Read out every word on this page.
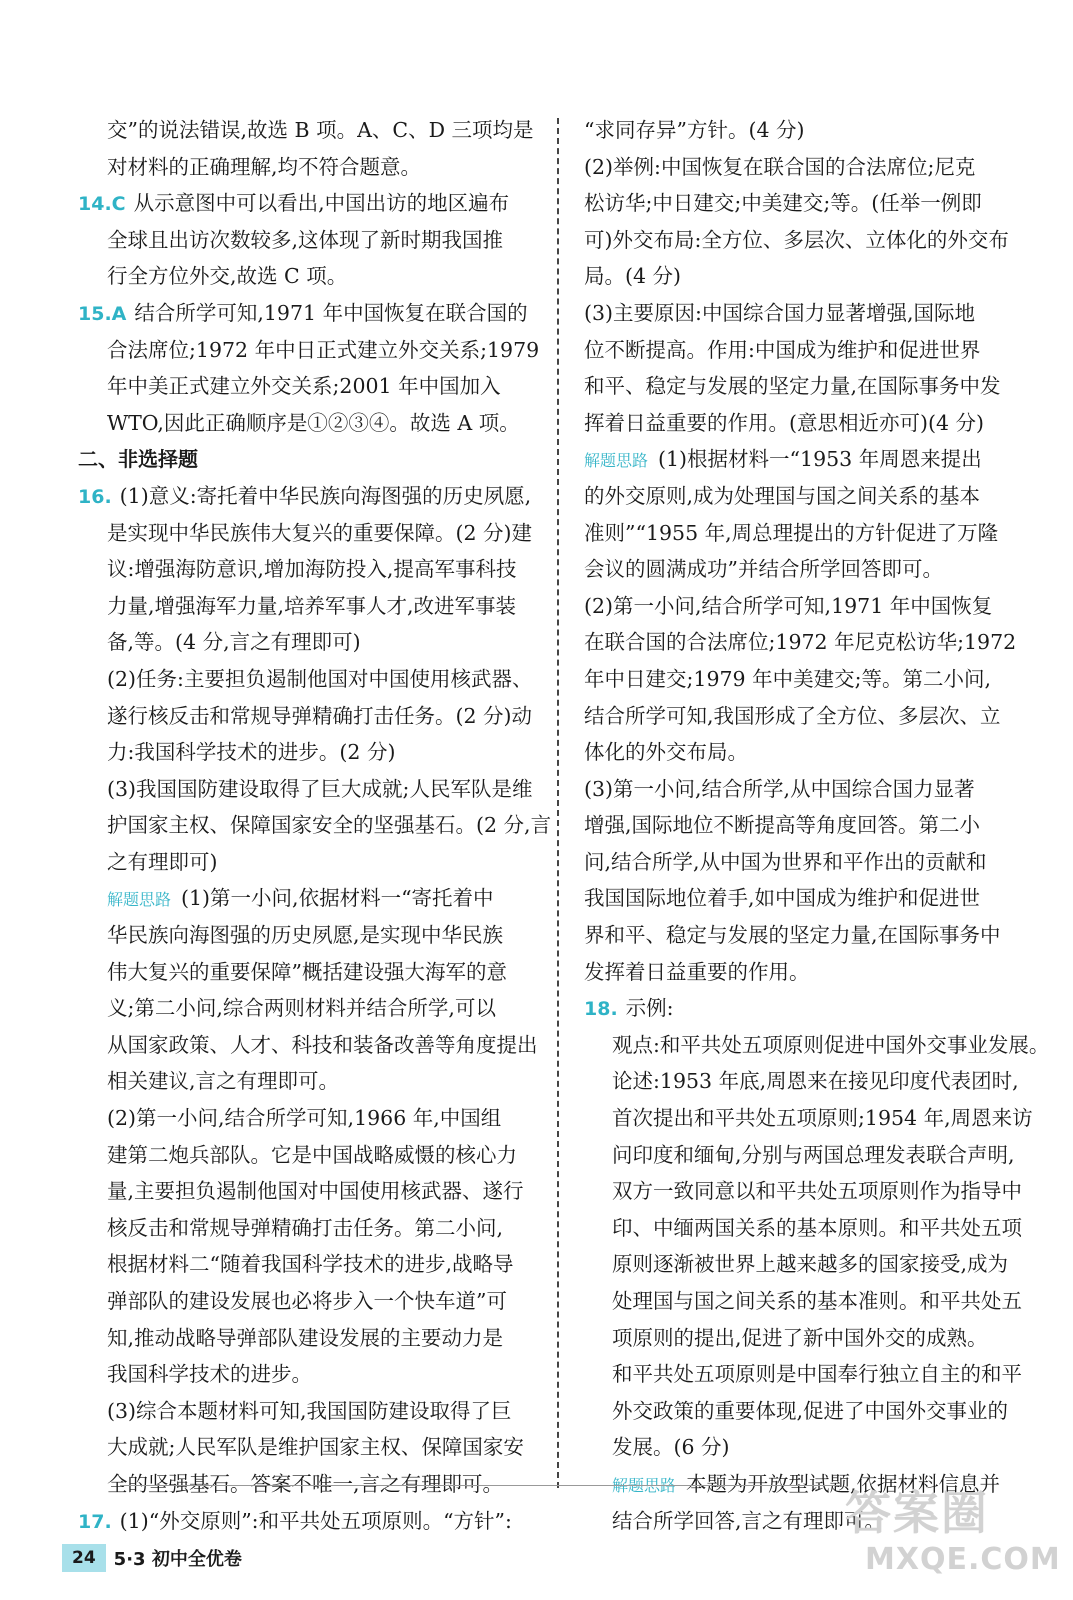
交”的说法错误,故选 B 项。A、C、D 三项均是
对材料的正确理解,均不符合题意。
14.C 从示意图中可以看出,中国出访的地区遍布
全球且出访次数较多,这体现了新时期我国推
行全方位外交,故选 C 项。
15.A 结合所学可知,1971 年中国恢复在联合国的
合法席位;1972 年中日正式建立外交关系;1979
年中美正式建立外交关系;2001 年中国加入
WTO,因此正确顺序是①②③④。故选 A 项。
二、非选择题
16. (1)意义:寄托着中华民族向海图强的历史夙愿,
是实现中华民族伟大复兴的重要保障。(2 分)建
议:增强海防意识,增加海防投入,提高军事科技
力量,增强海军力量,培养军事人才,改进军事装
备,等。(4 分,言之有理即可)
(2)任务:主要担负遏制他国对中国使用核武器、
遂行核反击和常规导弹精确打击任务。(2 分)动
力:我国科学技术的进步。(2 分)
(3)我国国防建设取得了巨大成就;人民军队是维
护国家主权、保障国家安全的坚强基石。(2 分,言
之有理即可)
解题思路 (1)第一小问,依据材料一“寄托着中
华民族向海图强的历史夙愿,是实现中华民族
伟大复兴的重要保障”概括建设强大海军的意
义;第二小问,综合两则材料并结合所学,可以
从国家政策、人才、科技和装备改善等角度提出
相关建议,言之有理即可。
(2)第一小问,结合所学可知,1966 年,中国组
建第二炮兵部队。它是中国战略威慑的核心力
量,主要担负遏制他国对中国使用核武器、遂行
核反击和常规导弹精确打击任务。第二小问,
根据材料二“随着我国科学技术的进步,战略导
弹部队的建设发展也必将步入一个快车道”可
知,推动战略导弹部队建设发展的主要动力是
我国科学技术的进步。
(3)综合本题材料可知,我国国防建设取得了巨
大成就;人民军队是维护国家主权、保障国家安
全的坚强基石。答案不唯一,言之有理即可。
17. (1)“外交原则”:和平共处五项原则。“方针”:
“求同存异”方针。(4 分)
(2)举例:中国恢复在联合国的合法席位;尼克
松访华;中日建交;中美建交;等。(任举一例即
可)外交布局:全方位、多层次、立体化的外交布
局。(4 分)
(3)主要原因:中国综合国力显著增强,国际地
位不断提高。作用:中国成为维护和促进世界
和平、稳定与发展的坚定力量,在国际事务中发
挥着日益重要的作用。(意思相近亦可)(4 分)
解题思路 (1)根据材料一“1953 年周恩来提出
的外交原则,成为处理国与国之间关系的基本
准则”“1955 年,周总理提出的方针促进了万隆
会议的圆满成功”并结合所学回答即可。
(2)第一小问,结合所学可知,1971 年中国恢复
在联合国的合法席位;1972 年尼克松访华;1972
年中日建交;1979 年中美建交;等。第二小问,
结合所学可知,我国形成了全方位、多层次、立
体化的外交布局。
(3)第一小问,结合所学,从中国综合国力显著
增强,国际地位不断提高等角度回答。第二小
问,结合所学,从中国为世界和平作出的贡献和
我国国际地位着手,如中国成为维护和促进世
界和平、稳定与发展的坚定力量,在国际事务中
发挥着日益重要的作用。
18. 示例:
观点:和平共处五项原则促进中国外交事业发展。
论述:1953 年底,周恩来在接见印度代表团时,
首次提出和平共处五项原则;1954 年,周恩来访
问印度和缅甸,分别与两国总理发表联合声明,
双方一致同意以和平共处五项原则作为指导中
印、中缅两国关系的基本原则。和平共处五项
原则逐渐被世界上越来越多的国家接受,成为
处理国与国之间关系的基本准则。和平共处五
项原则的提出,促进了新中国外交的成熟。
和平共处五项原则是中国奉行独立自主的和平
外交政策的重要体现,促进了中国外交事业的
发展。(6 分)
解题思路 本题为开放型试题,依据材料信息并
结合所学回答,言之有理即可。
24	5·3 初中全优卷
答案圈
MXQE.COM
